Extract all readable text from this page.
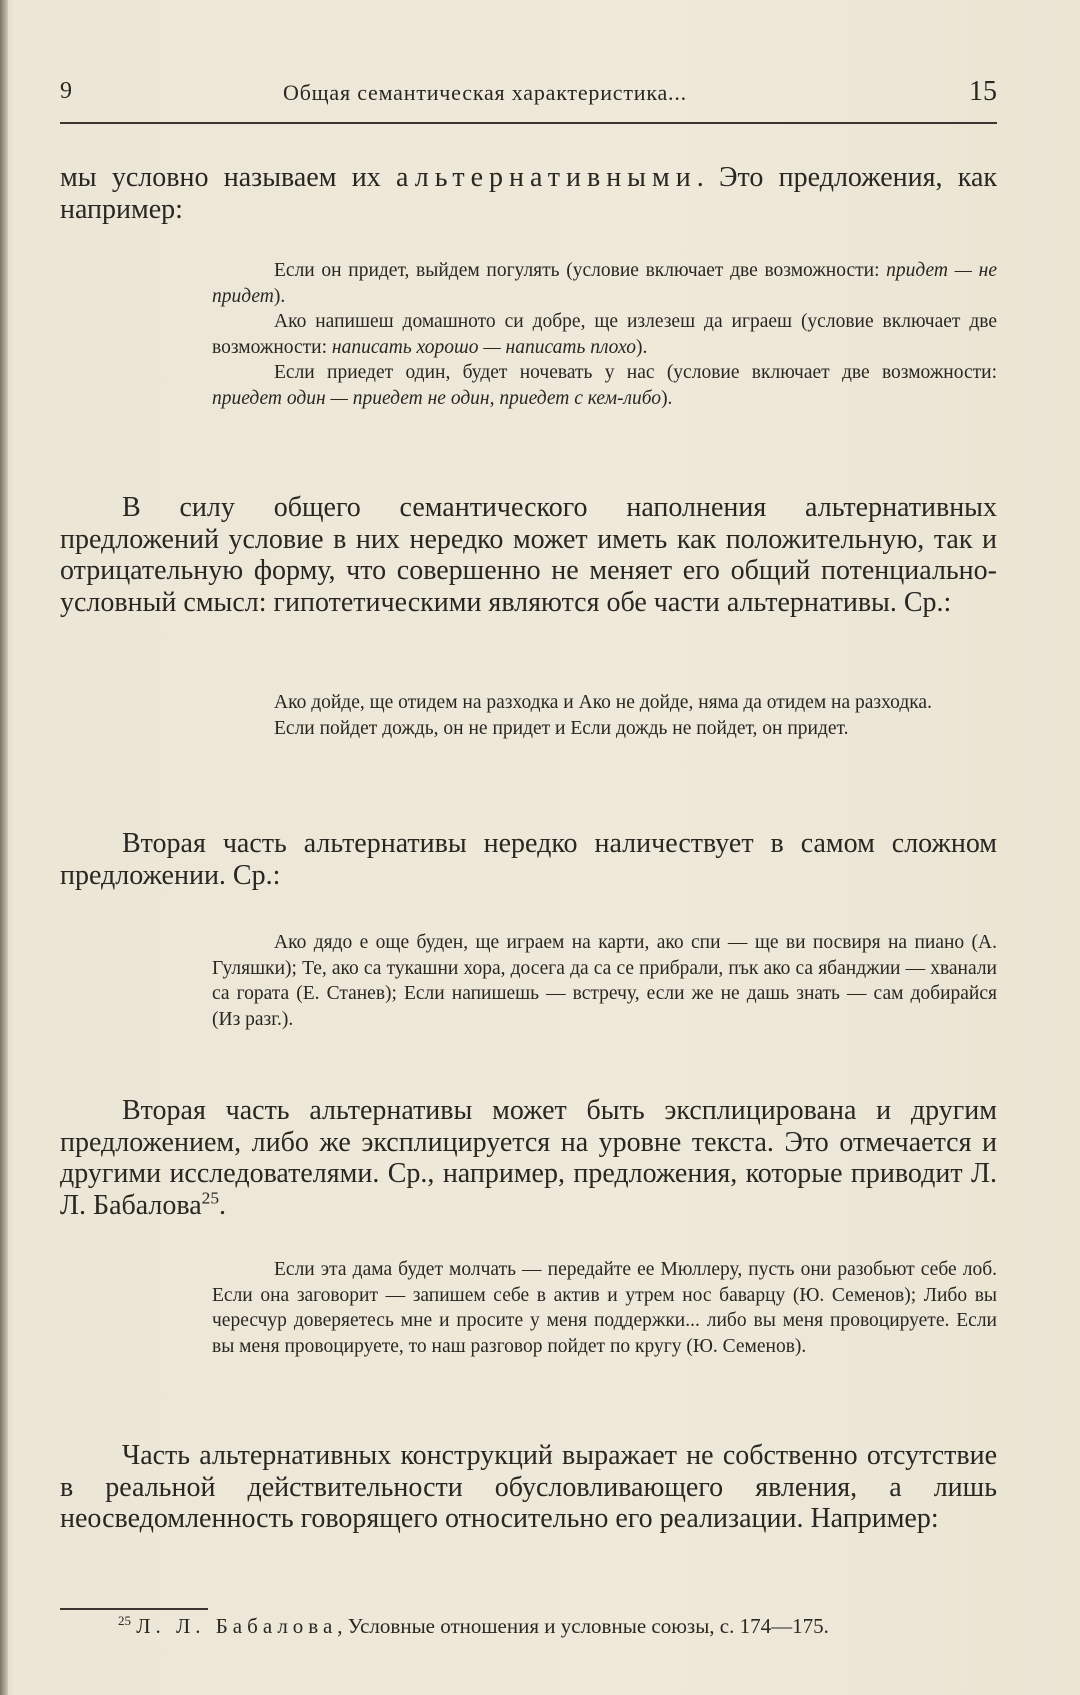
9	Общая семантическая характеристика...	15
мы условно называем их альтернативными. Это предложения, как например:

Если он придет, выйдем погулять (условие включает две возможности: придет — не придет).

Ако напишеш домашното си добре, ще излезеш да играеш (условие включает две возможности: написать хорошо — написать плохо).

Если приедет один, будет ночевать у нас (условие включает две возможности: приедет один — приедет не один, приедет с кем-либо).

В силу общего семантического наполнения альтернативных предложений условие в них нередко может иметь как положительную, так и отрицательную форму, что совершенно не меняет его общий потенциально-условный смысл: гипотетическими являются обе части альтернативы. Ср.:

Ако дойде, ще отидем на разходка и Ако не дойде, няма да отидем на разходка.

Если пойдет дождь, он не придет и Если дождь не пойдет, он придет.

Вторая часть альтернативы нередко наличествует в самом сложном предложении. Ср.:

Ако дядо е още буден, ще играем на карти, ако спи — ще ви посвиря на пиано (А. Гуляшки); Те, ако са тукашни хора, досега да са се прибрали, пък ако са ябанджии — хванали са гората (Е. Станев); Если напишешь — встречу, если же не дашь знать — сам добирайся (Из разг.).

Вторая часть альтернативы может быть эксплицирована и другим предложением, либо же эксплицируется на уровне текста. Это отмечается и другими исследователями. Ср., например, предложения, которые приводит Л. Л. Бабалова$^{25}$.

Если эта дама будет молчать — передайте ее Мюллеру, пусть они разобьют себе лоб. Если она заговорит — запишем себе в актив и утрем нос баварцу (Ю. Семенов); Либо вы чересчур доверяетесь мне и просите у меня поддержки... либо вы меня провоцируете. Если вы меня провоцируете, то наш разговор пойдет по кругу (Ю. Семенов).

Часть альтернативных конструкций выражает не собственно отсутствие в реальной действительности обусловливающего явления, а лишь неосведомленность говорящего относительно его реализации. Например:
$^{25}$ Л. Л. Бабалова, Условные отношения и условные союзы, с. 174—175.
